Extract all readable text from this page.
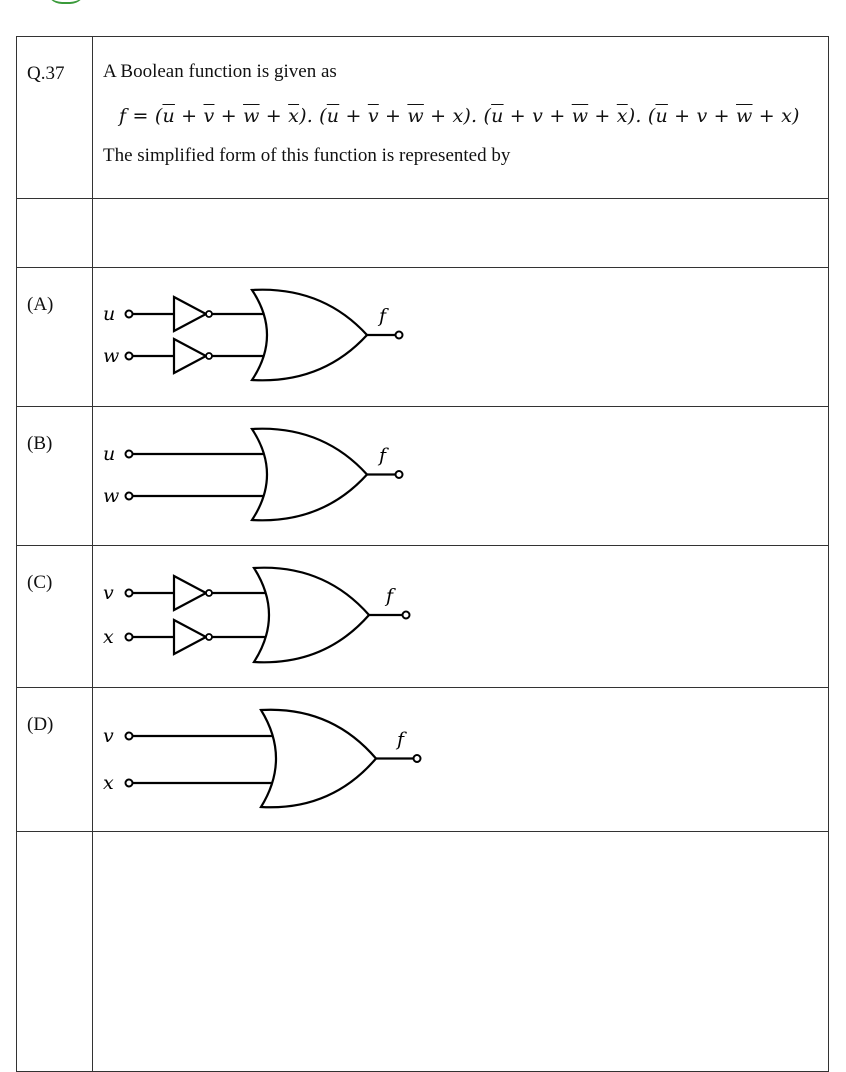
Q.37	A Boolean function is given as
$f = (\overline{u} + \overline{v} + \overline{w} + \overline{x})$. $(\overline{u} + \overline{v} + \overline{w} + x)$. $(\overline{u} + v + \overline{w} + \overline{x})$. $(\overline{u} + v + \overline{w} + x)$
The simplified form of this function is represented by

(A)	u
w
f

(B)	u
w
f

(C)	v
x
f

(D)	v
x
f
